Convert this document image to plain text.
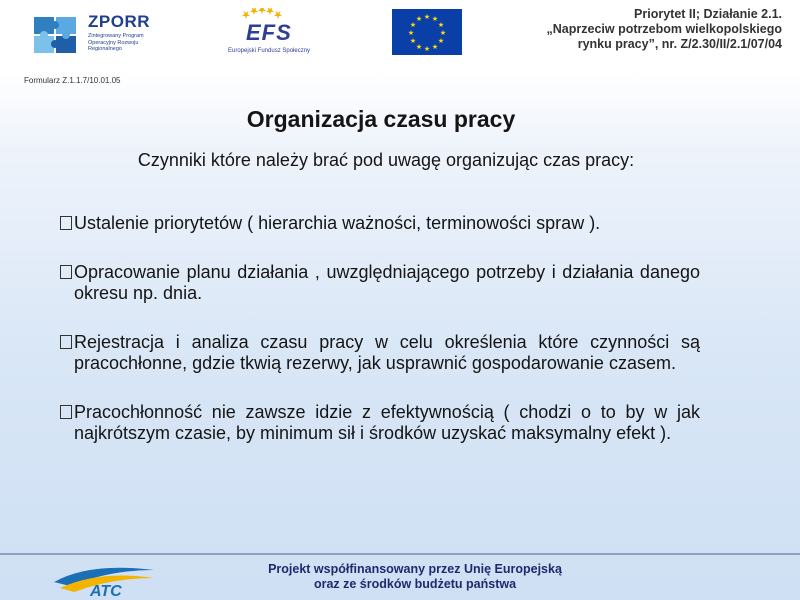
ZPORR
Zintegrowany Program Operacyjny Rozwoju Regionalnego
EFS
Europejski Fundusz Społeczny
★ ★
★
★
★
★
★
★
★
★
★
★	Priorytet II; Działanie 2.1.
„Naprzeciw potrzebom wielkopolskiego
rynku pracy”, nr. Z/2.30/II/2.1/07/04
Formularz Z.1.1.7/10.01.05
Organizacja czasu pracy
Czynniki które należy brać pod uwagę organizując czas pracy:
Ustalenie priorytetów ( hierarchia ważności, terminowości spraw ).
Opracowanie planu działania , uwzględniającego potrzeby i działania danego okresu np. dnia.
Rejestracja i analiza czasu pracy w celu określenia które czynności są pracochłonne, gdzie tkwią rezerwy, jak usprawnić gospodarowanie czasem.
Pracochłonność nie zawsze idzie z efektywnością ( chodzi o to by w jak najkrótszym czasie, by minimum sił i środków uzyskać maksymalny efekt ).
ATC
Projekt współfinansowany przez Unię Europejską
oraz ze środków budżetu państwa
